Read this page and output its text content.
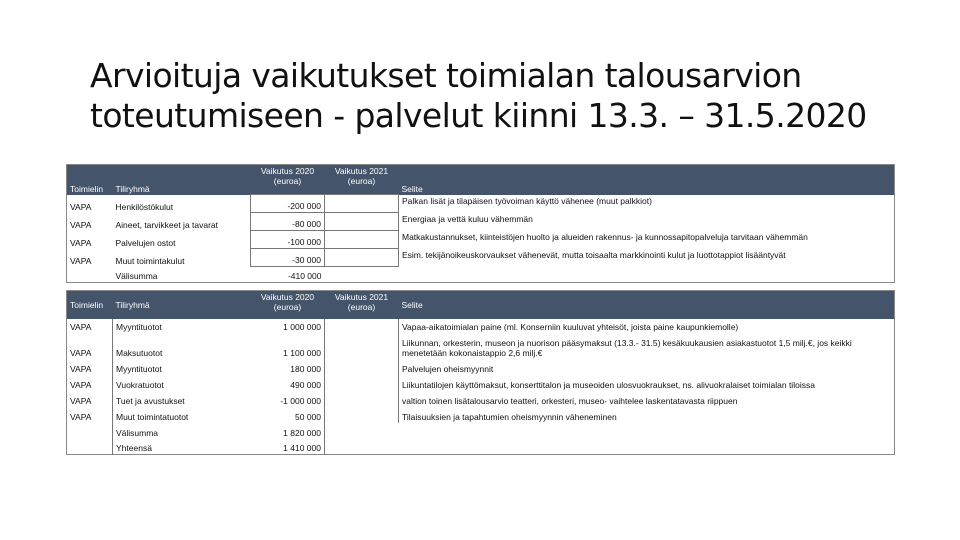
Arvioituja vaikutukset toimialan talousarvion
toteutumiseen - palvelut kiinni 13.3. – 31.5.2020
Toimielin	Tiliryhmä	Vaikutus 2020 (euroa)	Vaikutus 2021 (euroa)	Selite
VAPA	Henkilöstökulut	-200 000		Palkan lisät ja tilapäisen työvoiman käyttö vähenee (muut palkkiot)
VAPA	Aineet, tarvikkeet ja tavarat	-80 000		Energiaa ja vettä kuluu vähemmän
VAPA	Palvelujen ostot	-100 000		Matkakustannukset, kiinteistöjen huolto ja alueiden rakennus- ja kunnossapitopalveluja tarvitaan vähemmän
VAPA	Muut toimintakulut	-30 000		Esim. tekijänoikeuskorvaukset vähenevät, mutta toisaalta markkinointi kulut ja luottotappiot lisääntyvät
	Välisumma	-410 000		
Toimielin	Tiliryhmä	Vaikutus 2020 (euroa)	Vaikutus 2021 (euroa)	Selite
VAPA	Myyntituotot	1 000 000		Vapaa-aikatoimialan paine (ml. Konserniin kuuluvat yhteisöt, joista paine kaupunkiemolle)
VAPA	Maksutuotot	1 100 000		Liikunnan, orkesterin, museon ja nuorison pääsymaksut (13.3.- 31.5) kesäkuukausien asiakastuotot 1,5 milj.€, jos keikki menetetään kokonaistappio 2,6 milj.€
VAPA	Myyntituotot	180 000		Palvelujen oheismyynnit
VAPA	Vuokratuotot	490 000		Liikuntatilojen käyttömaksut, konserttitalon ja museoiden ulosvuokraukset, ns. alivuokralaiset toimialan tiloissa
VAPA	Tuet ja avustukset	-1 000 000		valtion toinen lisätalousarvio teatteri, orkesteri, museo- vaihtelee laskentatavasta riippuen
VAPA	Muut toimintatuotot	50 000		Tilaisuuksien ja tapahtumien oheismyynnin väheneminen
	Välisumma	1 820 000		
	Yhteensä	1 410 000		
